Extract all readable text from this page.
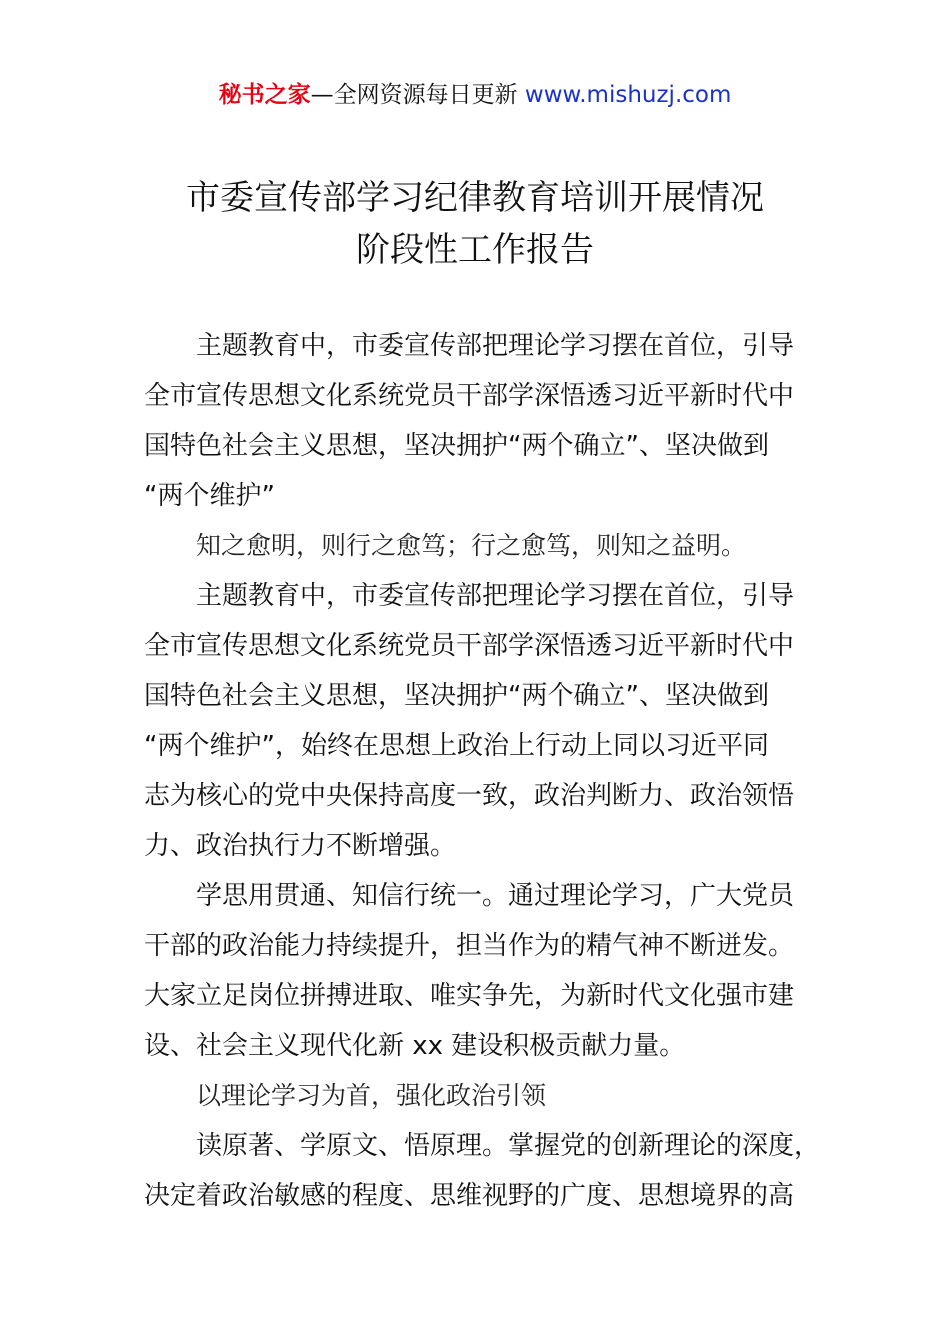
秘书之家—全网资源每日更新 www.mishuzj.com
市委宣传部学习纪律教育培训开展情况
阶段性工作报告
主题教育中，市委宣传部把理论学习摆在首位，引导
全市宣传思想文化系统党员干部学深悟透习近平新时代中
国特色社会主义思想，坚决拥护“两个确立”、坚决做到
“两个维护”
知之愈明，则行之愈笃；行之愈笃，则知之益明。
主题教育中，市委宣传部把理论学习摆在首位，引导
全市宣传思想文化系统党员干部学深悟透习近平新时代中
国特色社会主义思想，坚决拥护“两个确立”、坚决做到
“两个维护”，始终在思想上政治上行动上同以习近平同
志为核心的党中央保持高度一致，政治判断力、政治领悟
力、政治执行力不断增强。
学思用贯通、知信行统一。通过理论学习，广大党员
干部的政治能力持续提升，担当作为的精气神不断迸发。
大家立足岗位拼搏进取、唯实争先，为新时代文化强市建
设、社会主义现代化新 xx 建设积极贡献力量。
以理论学习为首，强化政治引领
读原著、学原文、悟原理。掌握党的创新理论的深度，
决定着政治敏感的程度、思维视野的广度、思想境界的高
